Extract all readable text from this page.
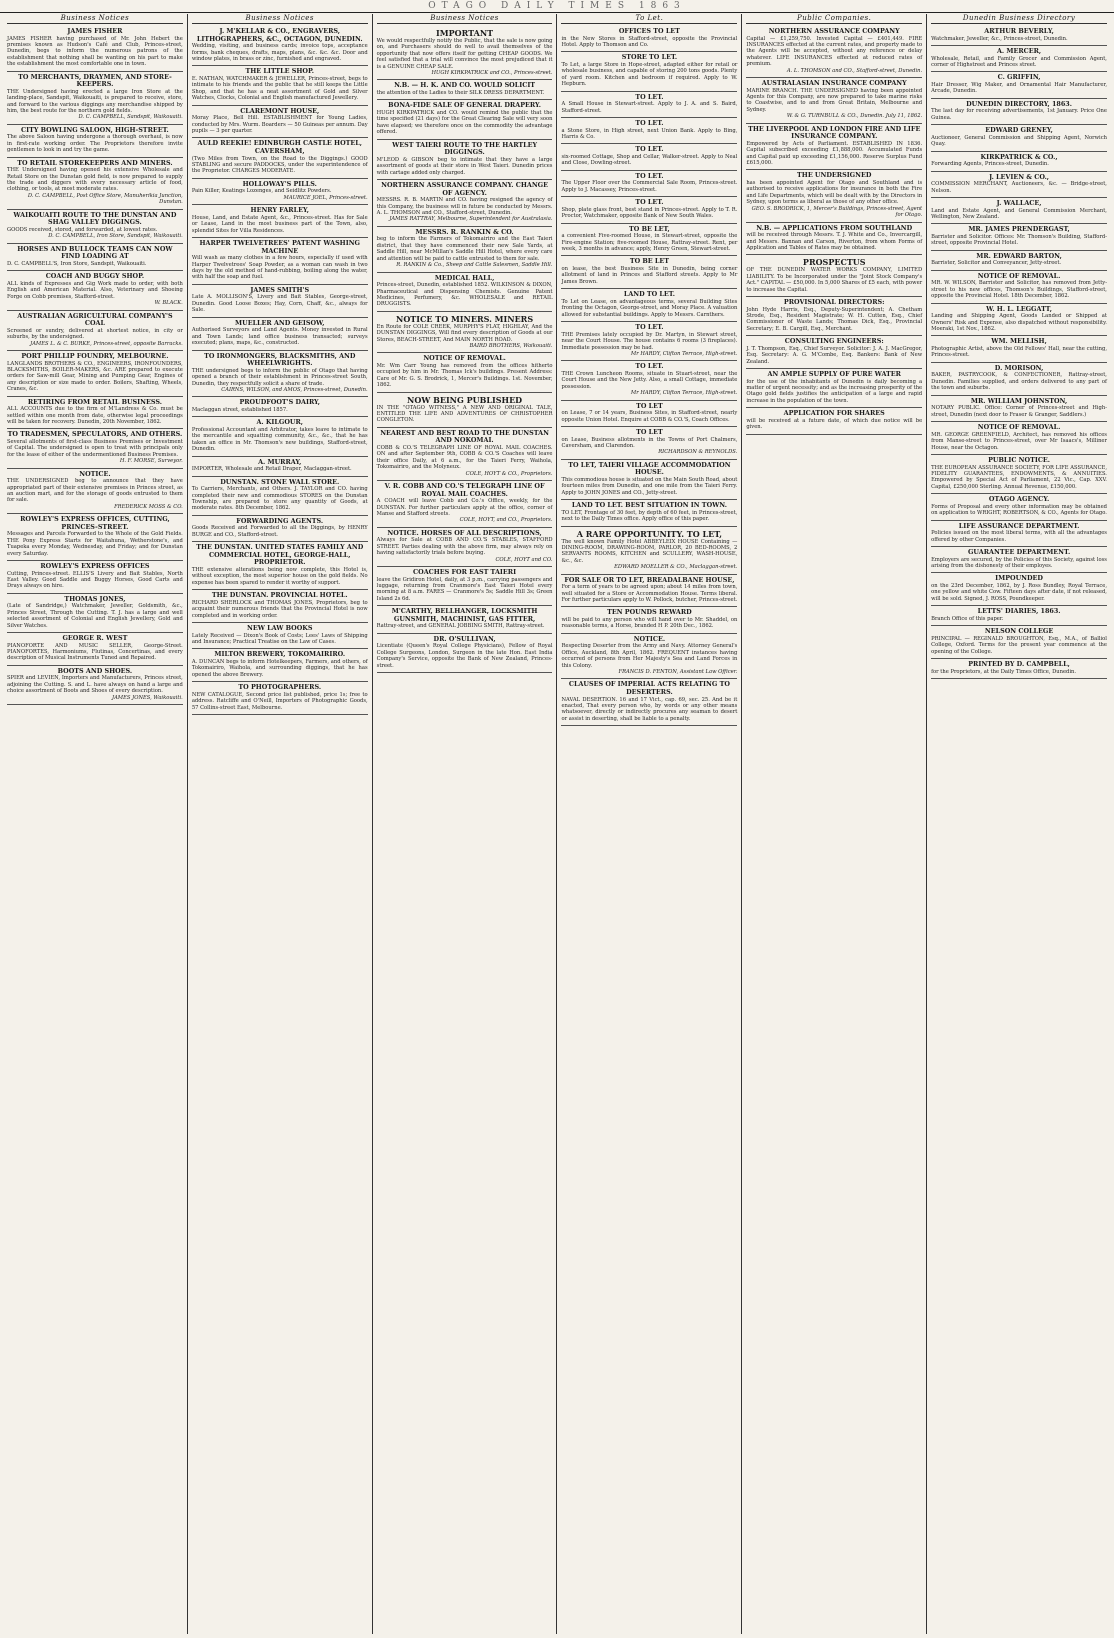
OTAGO DAILY TIMES 1863
Business Notices
JAMES FISHER
JAMES FISHER having purchased of Mr. John Hebert the premises known as Hudson's Café and Club, Princes-street, Dunedin, begs to inform the numerous patrons of the establishment that nothing shall be wanting on his part to make the establishment the most comfortable one in town.
TO MERCHANTS, DRAYMEN, AND STORE-KEEPERS.
THE Undersigned having erected a large Iron Store at the landing-place, Sandspit, Waikouaiti, is prepared to receive, store, and forward to the various diggings any merchandise shipped by him, the best route for the northern gold fields.
D. C. CAMPBELL, Sandspit, Waikouaiti.
CITY BOWLING SALOON, HIGH-STREET.
The above Saloon having undergone a thorough overhaul, is now in first-rate working order. The Proprietors therefore invite gentlemen to look in and try the game.
TO RETAIL STOREKEEPERS AND MINERS.
THE Undersigned having opened his extensive Wholesale and Retail Store on the Dunstan gold field, is now prepared to supply the trade and diggers with every necessary article of food, clothing, or tools, at most moderate rates.
D. C. CAMPBELL, Post Office Store, Manuherikia Junction, Dunstan.
WAIKOUAITI ROUTE TO THE DUNSTAN AND SHAG VALLEY DIGGINGS.
GOODS received, stored, and forwarded, at lowest rates.
D. C. CAMPBELL, Iron Store, Sandspit, Waikouaiti.
HORSES AND BULLOCK TEAMS CAN NOW FIND LOADING AT
D. C. CAMPBELL'S, Iron Store, Sandspit, Waikouaiti.
COACH AND BUGGY SHOP.
ALL kinds of Expresses and Gig Work made to order, with both English and American Material. Also, Veterinary and Shoeing Forge on Cobb premises, Stafford-street.
W. BLACK.
AUSTRALIAN AGRICULTURAL COMPANY'S COAL
Screened or sundry, delivered at shortest notice, in city or suburbs, by the undersigned.
JAMES L. & C. BURKE, Princes-street, opposite Barracks.
PORT PHILLIP FOUNDRY, MELBOURNE.
LANGLANDS BROTHERS & CO., ENGINEERS, IRONFOUNDERS, BLACKSMITHS, BOILER-MAKERS, &c. ARE prepared to execute orders for Saw-mill Gear, Mining and Pumping Gear, Engines of any description or size made to order. Boilers, Shafting, Wheels, Cranes, &c.
RETIRING FROM RETAIL BUSINESS.
ALL ACCOUNTS due to the firm of M'Landress & Co. must be settled within one month from date, otherwise legal proceedings will be taken for recovery. Dunedin, 20th November, 1862.
TO TRADESMEN, SPECULATORS, AND OTHERS.
Several allotments of first-class Business Premises or Investment of Capital. The undersigned is open to treat with principals only for the lease of either of the undermentioned Business Premises.
H. F. MORSE, Surveyor.
NOTICE.
THE UNDERSIGNED beg to announce that they have appropriated part of their extensive premises in Princes street, as an auction mart, and for the storage of goods entrusted to them for sale.
FREDERICK MOSS & CO.
ROWLEY'S EXPRESS OFFICES, CUTTING, PRINCES-STREET.
Messages and Parcels Forwarded to the Whole of the Gold Fields. THE Pony Express Starts for Waitahuna, Wetherstone's, and Tuapeka every Monday, Wednesday, and Friday; and for Dunstan every Saturday.
ROWLEY'S EXPRESS OFFICES
Cutting, Princes-street. ELLIS'S Livery and Bait Stables, North East Valley. Good Saddle and Buggy Horses, Good Carts and Drays always on hire.
THOMAS JONES,
(Late of Sandridge,) Watchmaker, Jeweller, Goldsmith, &c., Princes Street, Through the Cutting. T. J. has a large and well selected assortment of Colonial and English Jewellery, Gold and Silver Watches.
GEORGE R. WEST
PIANOFORTE AND MUSIC SELLER, George-Street. PIANOFORTES, Harmoniums, Flutinas, Concertinas, and every description of Musical Instruments Tuned and Repaired.
BOOTS AND SHOES.
SPIER and LEVIEN, Importers and Manufacturers, Princes street, adjoining the Cutting. S. and L. have always on hand a large and choice assortment of Boots and Shoes of every description.
JAMES JONES, Waikouaiti.
Business Notices
J. M'KELLAR & CO., ENGRAVERS, LITHOGRAPHERS, &C., OCTAGON, DUNEDIN.
Wedding, visiting, and business cards; invoice tops, acceptance forms, bank cheques, drafts, maps, plans, &c. &c. &c. Door and window plates, in brass or zinc, furnished and engraved.
THE LITTLE SHOP.
E. NATHAN, WATCHMAKER & JEWELLER, Princes-street, begs to intimate to his friends and the public that he still keeps the Little Shop, and that he has a neat assortment of Gold and Silver Watches, Clocks, Colonial and English manufactured Jewellery.
CLAREMONT HOUSE,
Moray Place, Bell Hill. ESTABLISHMENT for Young Ladies, conducted by Mrs. Wurm. Boarders — 50 Guineas per annum. Day pupils — 3 per quarter.
AULD REEKIE! EDINBURGH CASTLE HOTEL, CAVERSHAM,
(Two Miles from Town, on the Road to the Diggings.) GOOD STABLING and secure PADDOCKS, under the superintendence of the Proprietor. CHARGES MODERATE.
HOLLOWAY'S PILLS.
Pain Killer, Keatings Lozenges, and Seidlitz Powders.
MAURICE JOEL, Princes-street.
HENRY FARLEY,
House, Land, and Estate Agent, &c., Princes-street. Has for Sale or Lease, Land in the most business part of the Town, also, splendid Sites for Villa Residences.
HARPER TWELVETREES' PATENT WASHING MACHINE
Will wash as many clothes in a few hours, especially if used with Harper Twelvetrees' Soap Powder, as a woman can wash in two days by the old method of hand-rubbing, boiling along the water, with half the soap and fuel.
JAMES SMITH'S
Late A. MOLLISON'S, Livery and Bait Stables, George-street, Dunedin. Good Loose Boxes; Hay, Corn, Chaff, &c., always for Sale.
MUELLER AND GEISOW,
Authorised Surveyors and Land Agents. Money invested in Rural and Town Lands; land office business transacted; surveys executed; plans, maps, &c., constructed.
TO IRONMONGERS, BLACKSMITHS, AND WHEELWRIGHTS.
THE undersigned begs to inform the public of Otago that having opened a branch of their establishment in Princes-street South, Dunedin, they respectfully solicit a share of trade.
CAIRNS, WILSON, and AMOS, Princes-street, Dunedin.
PROUDFOOT'S DAIRY,
Maclaggan street, established 1857.
A. KILGOUR,
Professional Accountant and Arbitrator, takes leave to intimate to the mercantile and squatting community, &c., &c., that he has taken an office in Mr. Thomson's new buildings, Stafford-street, Dunedin.
A. MURRAY,
IMPORTER, Wholesale and Retail Draper, Maclaggan-street.
DUNSTAN. STONE WALL STORE.
To Carriers, Merchants, and Others. J. TAYLOR and CO. having completed their new and commodious STORES on the Dunstan Township, are prepared to store any quantity of Goods, at moderate rates. 8th December, 1862.
FORWARDING AGENTS.
Goods Received and Forwarded to all the Diggings, by HENRY BURGE and CO., Stafford-street.
THE DUNSTAN. UNITED STATES FAMILY AND COMMERCIAL HOTEL, GEORGE-HALL, PROPRIETOR.
THE extensive alterations being now complete, this Hotel is, without exception, the most superior house on the gold fields. No expense has been spared to render it worthy of support.
THE DUNSTAN. PROVINCIAL HOTEL.
RICHARD SHERLOCK and THOMAS JONES, Proprietors, beg to acquaint their numerous friends that the Provincial Hotel is now completed and in working order.
NEW LAW BOOKS
Lately Received — Dixon's Book of Costs; Lees' Laws of Shipping and Insurance; Practical Treatise on the Law of Cases.
MILTON BREWERY, TOKOMAIRIRO.
A. DUNCAN begs to inform Hotelkeepers, Farmers, and others, of Tokomairiro, Waihola, and surrounding diggings, that he has opened the above Brewery.
TO PHOTOGRAPHERS.
NEW CATALOGUE, Second price list published, price 1s; free to address. Ratcliffe and O'Neill, Importers of Photographic Goods, 57 Collins-street East, Melbourne.
Business Notices
IMPORTANT
We would respectfully notify the Public, that the sale is now going on, and Purchasers should do well to avail themselves of the opportunity that now offers itself for getting CHEAP GOODS. We feel satisfied that a trial will convince the most prejudiced that it is a GENUINE CHEAP SALE.
HUGH KIRKPATRICK and CO., Princes-street.
N.B. — H. K. AND CO. WOULD SOLICIT
the attention of the Ladies to their SILK DRESS DEPARTMENT.
BONA-FIDE SALE OF GENERAL DRAPERY.
HUGH KIRKPATRICK and CO. would remind the public that the time specified (21 days) for the Great Clearing Sale will very soon have elapsed; we therefore once on the commodity the advantage offered.
WEST TAIERI ROUTE TO THE HARTLEY DIGGINGS.
M'LEOD & GIBSON beg to intimate that they have a large assortment of goods at their store in West Taieri. Dunedin prices with cartage added only charged.
NORTHERN ASSURANCE COMPANY. CHANGE OF AGENCY.
MESSRS. R. B. MARTIN and CO. having resigned the agency of this Company, the business will in future be conducted by Messrs. A. L. THOMSON and CO., Stafford-street, Dunedin.
JAMES RATTRAY, Melbourne, Superintendent for Australasia.
MESSRS. R. RANKIN & CO.
beg to inform the Farmers of Tokomairiro and the East Taieri district, that they have commenced their new Sale Yards, at Saddle Hill, near McMillan's Saddle Hill Hotel, where every care and attention will be paid to cattle entrusted to them for sale.
R. RANKIN & Co., Sheep and Cattle Salesmen, Saddle Hill.
MEDICAL HALL,
Princes-street, Dunedin, established 1852. WILKINSON & DIXON, Pharmaceutical and Dispensing Chemists. Genuine Patent Medicines, Perfumery, &c. WHOLESALE and RETAIL DRUGGISTS.
NOTICE TO MINERS. MINERS
En Route for COLE CREEK, MURPHY'S FLAT, HIGHLAY, And the DUNSTAN DIGGINGS, Will find every description of Goods at our Stores, BEACH-STREET, And MAIN NORTH ROAD.
BAIRD BROTHERS, Waikouaiti.
NOTICE OF REMOVAL.
Mr. Wm Carr Young has removed from the offices hitherto occupied by him in Mr. Thomas Ick's buildings. Present Address: Care of Mr. G. S. Brodrick, 1, Mercer's Buildings. 1st. November, 1862.
NOW BEING PUBLISHED
IN THE "OTAGO WITNESS," A NEW AND ORIGINAL TALE, ENTITLED THE LIFE AND ADVENTURES OF CHRISTOPHER CONGLETON.
NEAREST AND BEST ROAD TO THE DUNSTAN AND NOKOMAI.
COBB & CO.'S TELEGRAPH LINE OF ROYAL MAIL COACHES. ON and after September 9th, COBB & CO.'S Coaches will leave their office Daily, at 6 a.m., for the Taieri Ferry, Waihola, Tokomairiro, and the Molyneux.
COLE, HOYT & CO., Proprietors.
V. R. COBB AND CO.'S TELEGRAPH LINE OF ROYAL MAIL COACHES.
A COACH will leave Cobb and Co.'s Office, weekly, for the DUNSTAN. For further particulars apply at the office, corner of Manse and Stafford streets.
COLE, HOYT, and CO., Proprietors.
NOTICE. HORSES OF ALL DESCRIPTIONS,
Always for Sale at COBB AND CO.'S STABLES, STAFFORD STREET. Parties dealing with the above firm, may always rely on having satisfactorily trials before buying.
COLE, HOYT and CO.
COACHES FOR EAST TAIERI
leave the Gridiron Hotel, daily, at 3 p.m., carrying passengers and luggage, returning from Cranmore's East Taieri Hotel every morning at 8 a.m. FARES — Cranmore's 5s; Saddle Hill 3s; Green Island 2s 6d.
M'CARTHY, BELLHANGER, LOCKSMITH GUNSMITH, MACHINIST, GAS FITTER,
Rattray-street, and GENERAL JOBBING SMITH, Rattray-street.
DR. O'SULLIVAN,
Licentiate (Queen's Royal College Physicians), Fellow of Royal College Surgeons, London, Surgeon in the late Hon. East India Company's Service, opposite the Bank of New Zealand, Princes-street.
To Let.
OFFICES TO LET
in the New Stores in Stafford-street, opposite the Provincial Hotel. Apply to Thomson and Co.
STORE TO LET.
To Let, a large Store in Hope-street, adapted either for retail or wholesale business, and capable of storing 200 tons goods. Plenty of yard room. Kitchen and bedroom if required. Apply to W. Hepburn.
TO LET.
A Small House in Stewart-street. Apply to J. A. and S. Baird, Stafford-street.
TO LET.
a Stone Store, in High street, next Union Bank. Apply to Bing, Harris & Co.
TO LET.
six-roomed Cottage, Shop and Cellar, Walker-street. Apply to Neal and Close, Dowling-street.
TO LET.
The Upper Floor over the Commercial Sale Room, Princes-street. Apply to J. Macassey, Princes-street.
TO LET.
Shop, plate glass front, best stand in Princes-street. Apply to T. R. Proctor, Watchmaker, opposite Bank of New South Wales.
TO BE LET,
a convenient Five-roomed House, in Stewart-street, opposite the Fire-engine Station; five-roomed House, Rattray-street. Rent, per week, 3 months in advance; apply, Henry Green, Stewart-street.
TO BE LET
on lease, the best Business Site in Dunedin, being corner allotment of land in Princes and Stafford streets. Apply to Mr James Brown.
LAND TO LET.
To Let on Lease, on advantageous terms, several Building Sites fronting the Octagon, George-street, and Moray Place. A valuation allowed for substantial buildings. Apply to Messrs. Carnthers.
TO LET.
THE Premises lately occupied by Dr. Martyn, in Stewart street, near the Court House. The house contains 6 rooms (3 fireplaces). Immediate possession may be had.
Mr HARDY, Clifton Terrace, High-street.
TO LET.
THE Crown Luncheon Rooms, situate in Stuart-street, near the Court House and the New Jetty. Also, a small Cottage, immediate possession.
Mr HARDY, Clifton Terrace, High-street.
TO LET
on Lease, 7 or 14 years, Business Sites, in Stafford-street, nearly opposite Union Hotel. Enquire at COBB & CO.'S, Coach Offices.
TO LET
on Lease, Business allotments in the Towns of Port Chalmers, Caversham, and Clarendon.
RICHARDSON & REYNOLDS.
TO LET, TAIERI VILLAGE ACCOMMODATION HOUSE.
This commodious house is situated on the Main South Road, about fourteen miles from Dunedin, and one mile from the Taieri Ferry. Apply to JOHN JONES and CO., Jetty-street.
LAND TO LET. BEST SITUATION IN TOWN.
TO LET, Frontage of 30 feet, by depth of 60 feet, in Princes-street, next to the Daily Times office. Apply office of this paper.
A RARE OPPORTUNITY. TO LET,
The well known Family Hotel ABBEYLEIX HOUSE Containing — DINING-ROOM, DRAWING-ROOM, PARLOR, 20 BED-ROOMS, 2 SERVANTS ROOMS, KITCHEN and SCULLERY, WASH-HOUSE, &c., &c.
EDWARD MOELLER & CO., Maclaggan-street.
FOR SALE OR TO LET, BREADALBANE HOUSE,
For a term of years to be agreed upon; about 14 miles from town, well situated for a Store or Accommodation House. Terms liberal. For further particulars apply to W. Pollock, butcher, Princes-street.
TEN POUNDS REWARD
will be paid to any person who will hand over to Mr. Shaddel, on reasonable terms, a Horse, branded H P. 20th Dec., 1862.
NOTICE.
Respecting Deserter from the Army and Navy. Attorney General's Office, Auckland, 8th April, 1862. FREQUENT instances having occurred of persons from Her Majesty's Sea and Land Forces in this Colony.
FRANCIS D. FENTON, Assistant Law Officer.
CLAUSES OF IMPERIAL ACTS RELATING TO DESERTERS.
NAVAL DESERTION. 16 and 17 Vict., cap. 69, sec. 25. And be it enacted, That every person who, by words or any other means whatsoever, directly or indirectly procures any seaman to desert or assist in deserting, shall be liable to a penalty.
Public Companies.
NORTHERN ASSURANCE COMPANY
Capital — £1,259,750. Invested Capital — £401,449. FIRE INSURANCES effected at the current rates, and property made to the Agents will be accepted, without any reference or delay whatever. LIFE INSURANCES effected at reduced rates of premium.
A. L. THOMSON and CO., Stafford-street, Dunedin.
AUSTRALASIAN INSURANCE COMPANY
MARINE BRANCH. THE UNDERSIGNED having been appointed Agents for this Company, are now prepared to take marine risks to Coastwise, and to and from Great Britain, Melbourne and Sydney.
W. & G. TURNBULL & CO., Dunedin. July 11, 1862.
THE LIVERPOOL AND LONDON FIRE AND LIFE INSURANCE COMPANY.
Empowered by Acts of Parliament. ESTABLISHED IN 1836. Capital subscribed exceeding £1,888,000. Accumulated Funds and Capital paid up exceeding £1,156,000. Reserve Surplus Fund £615,000.
THE UNDERSIGNED
has been appointed Agent for Otago and Southland and is authorised to receive applications for insurance in both the Fire and Life Departments, which will be dealt with by the Directors in Sydney, upon terms as liberal as those of any other office.
GEO. S. BRODRICK, 1, Mercer's Buildings, Princes-street, Agent for Otago.
N.B. — APPLICATIONS FROM SOUTHLAND
will be received through Messrs. T. J. White and Co., Invercargill, and Messrs. Bannan and Carson, Riverton, from whom Forms of Application and Tables of Rates may be obtained.
PROSPECTUS
OF THE DUNEDIN WATER WORKS COMPANY, LIMITED LIABILITY. To be Incorporated under the "Joint Stock Company's Act." CAPITAL — £50,000. In 5,000 Shares of £5 each, with power to increase the Capital.
PROVISIONAL DIRECTORS:
John Hyde Harris, Esq., Deputy-Superintendent; A. Chetham Strode, Esq., Resident Magistrate; W. H. Cutten, Esq., Chief Commissioner of Waste Lands; Thomas Dick, Esq., Provincial Secretary; E. B. Cargill, Esq., Merchant.
CONSULTING ENGINEERS:
J. T. Thompson, Esq., Chief Surveyor. Solicitor: J. A. J. MacGregor, Esq. Secretary: A. G. M'Combe, Esq. Bankers: Bank of New Zealand.
AN AMPLE SUPPLY OF PURE WATER
for the use of the inhabitants of Dunedin is daily becoming a matter of urgent necessity; and as the increasing prosperity of the Otago gold fields justifies the anticipation of a large and rapid increase in the population of the town.
APPLICATION FOR SHARES
will be received at a future date, of which due notice will be given.
Dunedin Business Directory
ARTHUR BEVERLY,
Watchmaker, Jeweller, &c., Princes-street, Dunedin.
A. MERCER,
Wholesale, Retail, and Family Grocer and Commission Agent, corner of Highstreet and Princes street.
C. GRIFFIN,
Hair Dresser, Wig Maker, and Ornamental Hair Manufacturer, Arcade, Dunedin.
DUNEDIN DIRECTORY, 1863.
The last day for receiving advertisements, 1st January. Price One Guinea.
EDWARD GRENEY,
Auctioneer, General Commission and Shipping Agent, Norwich Quay.
KIRKPATRICK & CO.,
Forwarding Agents, Princes-street, Dunedin.
J. LEVIEN & CO.,
COMMISSION MERCHANT, Auctioneers, &c. — Bridge-street, Nelson.
J. WALLACE,
Land and Estate Agent, and General Commission Merchant, Wellington, New Zealand.
MR. JAMES PRENDERGAST,
Barrister and Solicitor. Offices: Mr. Thomson's Building, Stafford-street, opposite Provincial Hotel.
MR. EDWARD BARTON,
Barrister, Solicitor and Conveyancer, Jetty-street.
NOTICE OF REMOVAL.
MR. W. WILSON, Barrister and Solicitor, has removed from Jetty-street to his new offices, Thomson's Buildings, Stafford-street, opposite the Provincial Hotel. 18th December, 1862.
W. H. L. LEGGATT,
Landing and Shipping Agent, Goods Landed or Shipped at Owners' Risk and Expense, also dispatched without responsibility. Moeraki, 1st Nov., 1862.
WM. MELLISH,
Photographic Artist, above the Old Fellows' Hall, near the cutting, Princes-street.
D. MORISON,
BAKER, PASTRYCOOK, & CONFECTIONER, Rattray-street, Dunedin. Families supplied, and orders delivered to any part of the town and suburbs.
MR. WILLIAM JOHNSTON,
NOTARY PUBLIC. Office: Corner of Princes-street and High-street, Dunedin (next door to Fraser & Granger, Saddlers.)
NOTICE OF REMOVAL.
MR. GEORGE GREENFIELD, Architect, has removed his offices from Manse-street to Princes-street, over Mr Isaacs's, Milliner House, near the Octagon.
PUBLIC NOTICE.
THE EUROPEAN ASSURANCE SOCIETY, FOR LIFE ASSURANCE, FIDELITY GUARANTEES, ENDOWMENTS, & ANNUITIES. Empowered by Special Act of Parliament, 22 Vic., Cap. XXV. Capital, £250,000 Sterling. Annual Revenue, £150,000.
OTAGO AGENCY.
Forms of Proposal and every other information may be obtained on application to WRIGHT, ROBERTSON, & CO., Agents for Otago.
LIFE ASSURANCE DEPARTMENT.
Policies issued on the most liberal terms, with all the advantages offered by other Companies.
GUARANTEE DEPARTMENT.
Employers are secured, by the Policies of this Society, against loss arising from the dishonesty of their employes.
IMPOUNDED
on the 23rd December, 1862, by J. Ross Bundley, Royal Terrace, one yellow and white Cow. Fifteen days after date, if not released, will be sold. Signed, J. ROSS, Poundkeeper.
LETTS' DIARIES, 1863.
Branch Office of this paper.
NELSON COLLEGE
PRINCIPAL — REGINALD BROUGHTON, Esq., M.A., of Balliol College, Oxford. Terms for the present year commence at the opening of the College.
PRINTED BY D. CAMPBELL,
for the Proprietors, at the Daily Times Office, Dunedin.
